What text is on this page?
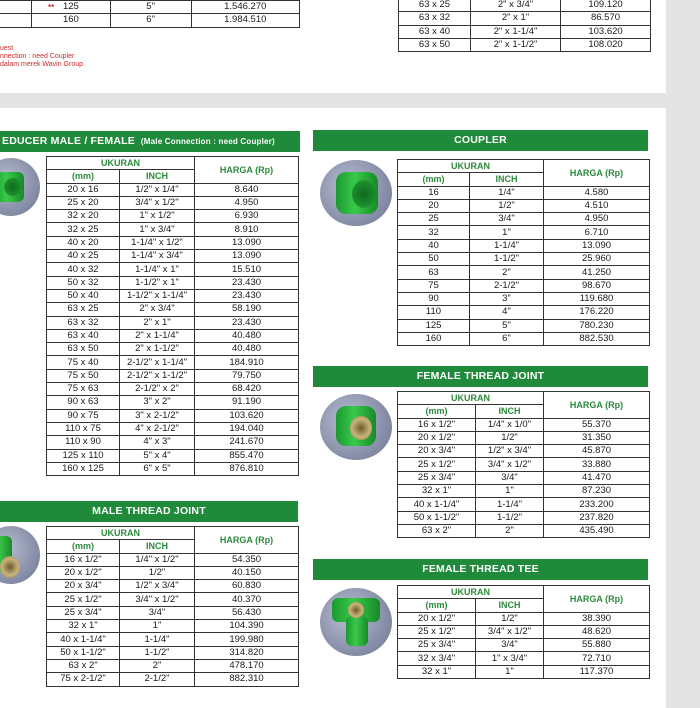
	125	5"	1.546.270
	160	6"	1.984.510
**
uest
nnection : need Coupler
dalam merek Wavin Group
63 x 25	2" x 3/4"	109.120
63 x 32	2" x 1"	86.570
63 x 40	2" x 1-1/4"	103.620
63 x 50	2" x 1-1/2"	108.020
EDUCER MALE / FEMALE (Male Connection : need Coupler)
UKURAN		HARGA (Rp)
(mm)	INCH	
20 x 16	1/2" x 1/4"	8.640
25 x 20	3/4" x 1/2"	4.950
32 x 20	1" x 1/2"	6.930
32 x 25	1" x 3/4"	8.910
40 x 20	1-1/4" x 1/2"	13.090
40 x 25	1-1/4" x 3/4"	13.090
40 x 32	1-1/4" x 1"	15.510
50 x 32	1-1/2" x 1"	23.430
50 x 40	1-1/2" x 1-1/4"	23.430
63 x 25	2" x 3/4"	58.190
63 x 32	2" x 1"	23.430
63 x 40	2" x 1-1/4"	40.480
63 x 50	2" x 1-1/2"	40.480
75 x 40	2-1/2" x 1-1/4"	184.910
75 x 50	2-1/2" x 1-1/2"	79.750
75 x 63	2-1/2" x 2"	68.420
90 x 63	3" x 2"	91.190
90 x 75	3" x 2-1/2"	103.620
110 x 75	4" x 2-1/2"	194.040
110 x 90	4" x 3"	241.670
125 x 110	5" x 4"	855.470
160 x 125	6" x 5"	876.810
MALE THREAD JOINT
UKURAN		HARGA (Rp)
(mm)	INCH	
16 x 1/2"	1/4" x 1/2"	54.350
20 x 1/2"	1/2"	40.150
20 x 3/4"	1/2" x 3/4"	60.830
25 x 1/2"	3/4" x 1/2"	40.370
25 x 3/4"	3/4"	56.430
32 x 1"	1"	104.390
40 x 1-1/4"	1-1/4"	199.980
50 x 1-1/2"	1-1/2"	314.820
63 x 2"	2"	478.170
75 x 2-1/2"	2-1/2"	882.310
COUPLER
UKURAN		HARGA (Rp)
(mm)	INCH	
16	1/4"	4.580
20	1/2"	4.510
25	3/4"	4.950
32	1"	6.710
40	1-1/4"	13.090
50	1-1/2"	25.960
63	2"	41.250
75	2-1/2"	98.670
90	3"	119.680
110	4"	176.220
125	5"	780.230
160	6"	882.530
FEMALE THREAD JOINT
UKURAN		HARGA (Rp)
(mm)	INCH	
16 x 1/2"	1/4" x 1/0"	55.370
20 x 1/2"	1/2"	31.350
20 x 3/4"	1/2" x 3/4"	45.870
25 x 1/2"	3/4" x 1/2"	33.880
25 x 3/4"	3/4"	41.470
32 x 1"	1"	87.230
40 x 1-1/4"	1-1/4"	233.200
50 x 1-1/2"	1-1/2"	237.820
63 x 2"	2"	435.490
FEMALE THREAD TEE
UKURAN		HARGA (Rp)
(mm)	INCH	
20 x 1/2"	1/2"	38.390
25 x 1/2"	3/4" x 1/2"	48.620
25 x 3/4"	3/4"	55.880
32 x 3/4"	1" x 3/4"	72.710
32 x 1"	1"	117.370
